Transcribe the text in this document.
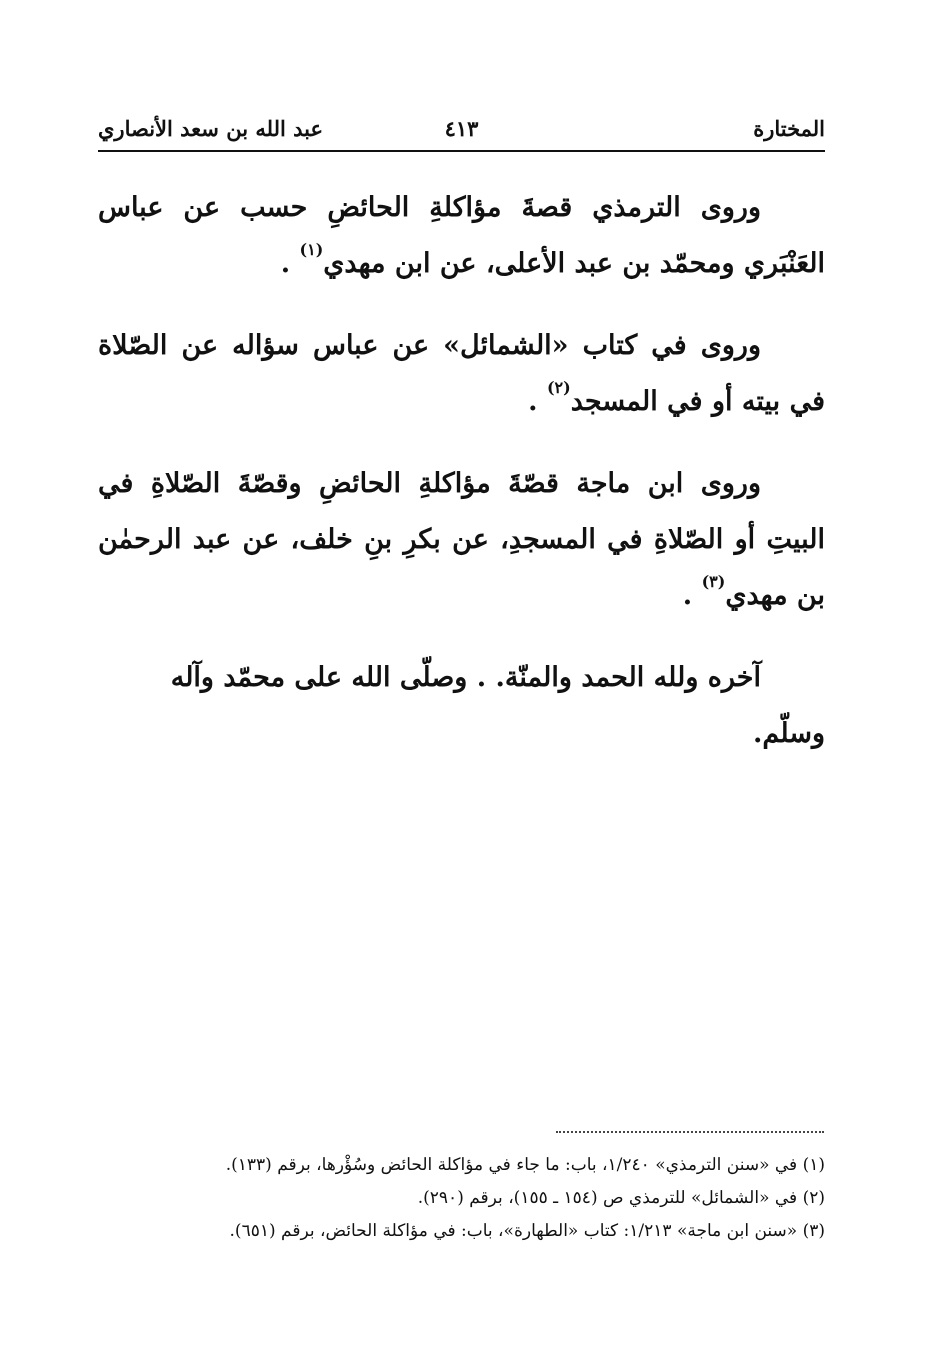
المختارة
٤١٣
عبد الله بن سعد الأنصاري

وروى الترمذي قصةَ مؤاكلةِ الحائضِ حسب عن عباس العَنْبَري ومحمّد بن عبد الأعلى، عن ابن مهدي$^{(١)}$ .

وروى في كتاب «الشمائل» عن عباس سؤاله عن الصّلاة في بيته أو في المسجد$^{(٢)}$ .

وروى ابن ماجة قصّةَ مؤاكلةِ الحائضِ وقصّةَ الصّلاةِ في البيتِ أو الصّلاةِ في المسجدِ، عن بكرِ بنِ خلف، عن عبد الرحمٰن بن مهدي$^{(٣)}$ .

آخره ولله الحمد والمنّة. . وصلّى الله على محمّد وآله وسلّم.

(١) في «سنن الترمذي» ١/٢٤٠، باب: ما جاء في مؤاكلة الحائض وسُؤْرها، برقم (١٣٣).

(٢) في «الشمائل» للترمذي ص (١٥٤ ـ ١٥٥)، برقم (٢٩٠).

(٣) «سنن ابن ماجة» ١/٢١٣: كتاب «الطهارة»، باب: في مؤاكلة الحائض، برقم (٦٥١).
